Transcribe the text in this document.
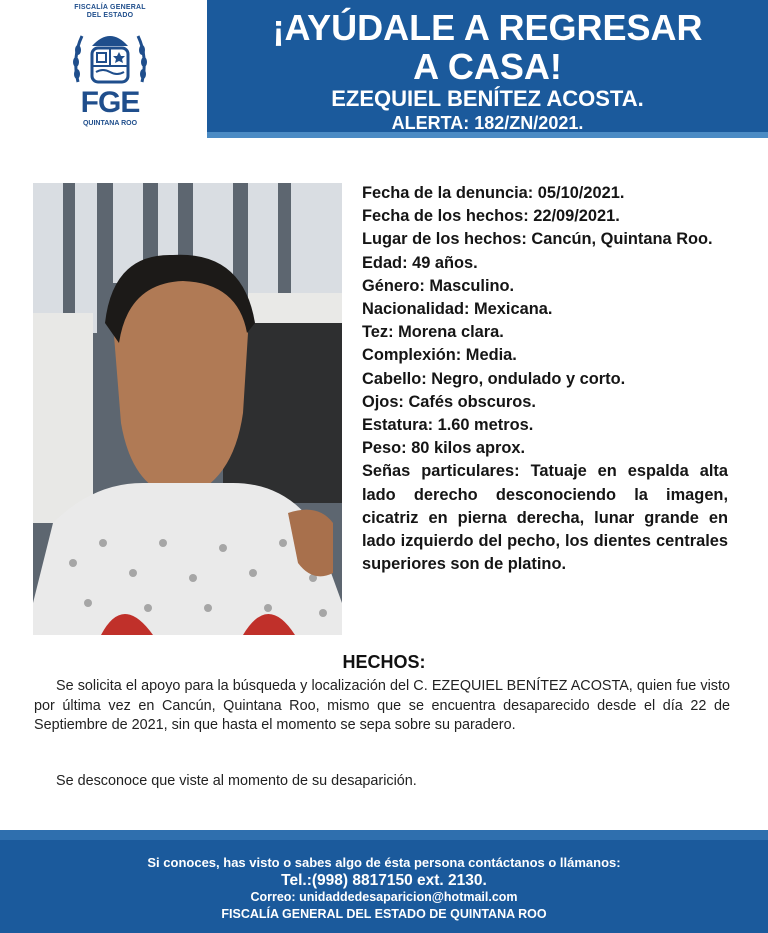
FISCALÍA GENERAL
DEL ESTADO
FGE
QUINTANA ROO
¡AYÚDALE A REGRESAR
A CASA!
EZEQUIEL BENÍTEZ ACOSTA.
ALERTA: 182/ZN/2021.
Fecha de la denuncia: 05/10/2021.
Fecha de los hechos: 22/09/2021.
Lugar de los hechos: Cancún, Quintana Roo.
Edad: 49 años.
Género: Masculino.
Nacionalidad: Mexicana.
Tez: Morena clara.
Complexión: Media.
Cabello: Negro, ondulado y corto.
Ojos: Cafés obscuros.
Estatura: 1.60 metros.
Peso: 80 kilos aprox.
Señas particulares: Tatuaje en espalda alta lado derecho desconociendo la imagen, cicatriz en pierna derecha, lunar grande en lado izquierdo del pecho, los dientes centrales superiores son de platino.
HECHOS:
Se solicita el apoyo para la búsqueda y localización del C. EZEQUIEL BENÍTEZ ACOSTA, quien fue visto por última vez en Cancún, Quintana Roo, mismo que se encuentra desaparecido desde el día 22 de Septiembre de 2021, sin que hasta el momento se sepa sobre su paradero.
Se desconoce que viste al momento de su desaparición.
Si conoces, has visto o sabes algo de ésta persona contáctanos o llámanos:
Tel.:(998) 8817150 ext. 2130.
Correo: unidaddedesaparicion@hotmail.com
FISCALÍA GENERAL DEL ESTADO DE QUINTANA ROO
